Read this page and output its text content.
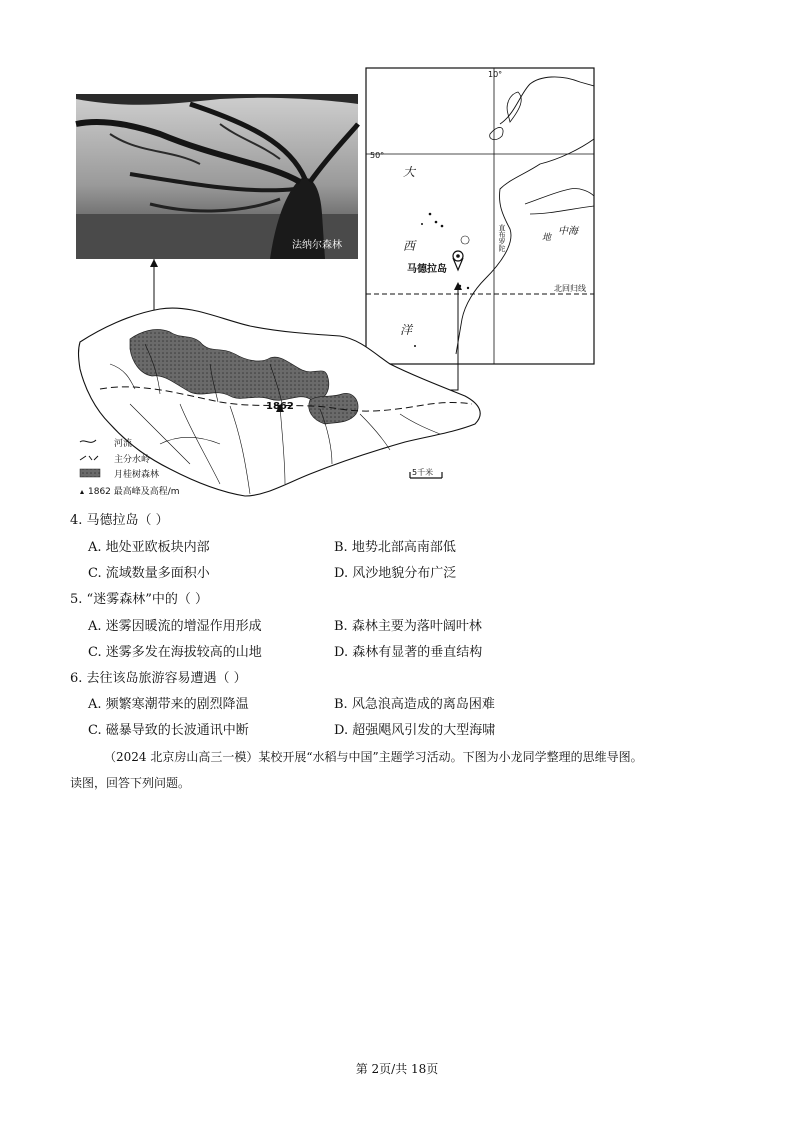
法纳尔森林
10°
50°
大
西
洋
马德拉岛
北回归线
地
中海
直布罗陀
1862
5千米
河流
主分水岭
月桂树森林
1862 最高峰及高程/m
4. 马德拉岛（ ）
A. 地处亚欧板块内部	B. 地势北部高南部低
C. 流域数量多面积小	D. 风沙地貌分布广泛
5. “迷雾森林”中的（ ）
A. 迷雾因暖流的增湿作用形成	B. 森林主要为落叶阔叶林
C. 迷雾多发在海拔较高的山地	D. 森林有显著的垂直结构
6. 去往该岛旅游容易遭遇（ ）
A. 频繁寒潮带来的剧烈降温	B. 风急浪高造成的离岛困难
C. 磁暴导致的长波通讯中断	D. 超强飓风引发的大型海啸
（2024 北京房山高三一模）某校开展“水稻与中国”主题学习活动。下图为小龙同学整理的思维导图。
读图，回答下列问题。
第 2页/共 18页
